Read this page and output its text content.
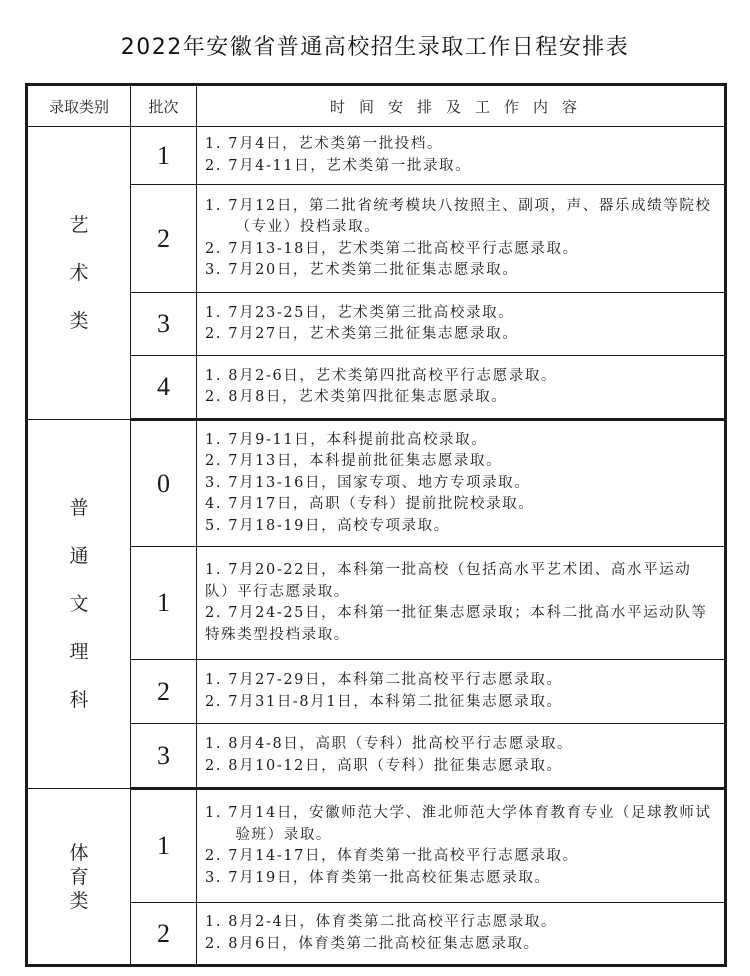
2022年安徽省普通高校招生录取工作日程安排表
录取类别	批次	时间安排及工作内容
艺术类	1	1. 7月4日，艺术类第一批投档。
2. 7月4-11日，艺术类第一批录取。

	2	1. 7月12日，第二批省统考模块八按照主、副项，声、器乐成绩等院校（专业）投档录取。
2. 7月13-18日，艺术类第二批高校平行志愿录取。
3. 7月20日，艺术类第二批征集志愿录取。

	3	1. 7月23-25日，艺术类第三批高校录取。
2. 7月27日，艺术类第三批征集志愿录取。

	4	1. 8月2-6日，艺术类第四批高校平行志愿录取。
2. 8月8日，艺术类第四批征集志愿录取。

普通文理科	0	1. 7月9-11日，本科提前批高校录取。
2. 7月13日，本科提前批征集志愿录取。
3. 7月13-16日，国家专项、地方专项录取。
4. 7月17日，高职（专科）提前批院校录取。
5. 7月18-19日，高校专项录取。

	1	1. 7月20-22日，本科第一批高校（包括高水平艺术团、高水平运动队）平行志愿录取。
2. 7月24-25日，本科第一批征集志愿录取；本科二批高水平运动队等特殊类型投档录取。

	2	1. 7月27-29日，本科第二批高校平行志愿录取。
2. 7月31日-8月1日，本科第二批征集志愿录取。

	3	1. 8月4-8日，高职（专科）批高校平行志愿录取。
2. 8月10-12日，高职（专科）批征集志愿录取。

体育类	1	1. 7月14日，安徽师范大学、淮北师范大学体育教育专业（足球教师试验班）录取。
2. 7月14-17日，体育类第一批高校平行志愿录取。
3. 7月19日，体育类第一批高校征集志愿录取。

	2	1. 8月2-4日，体育类第二批高校平行志愿录取。
2. 8月6日，体育类第二批高校征集志愿录取。
